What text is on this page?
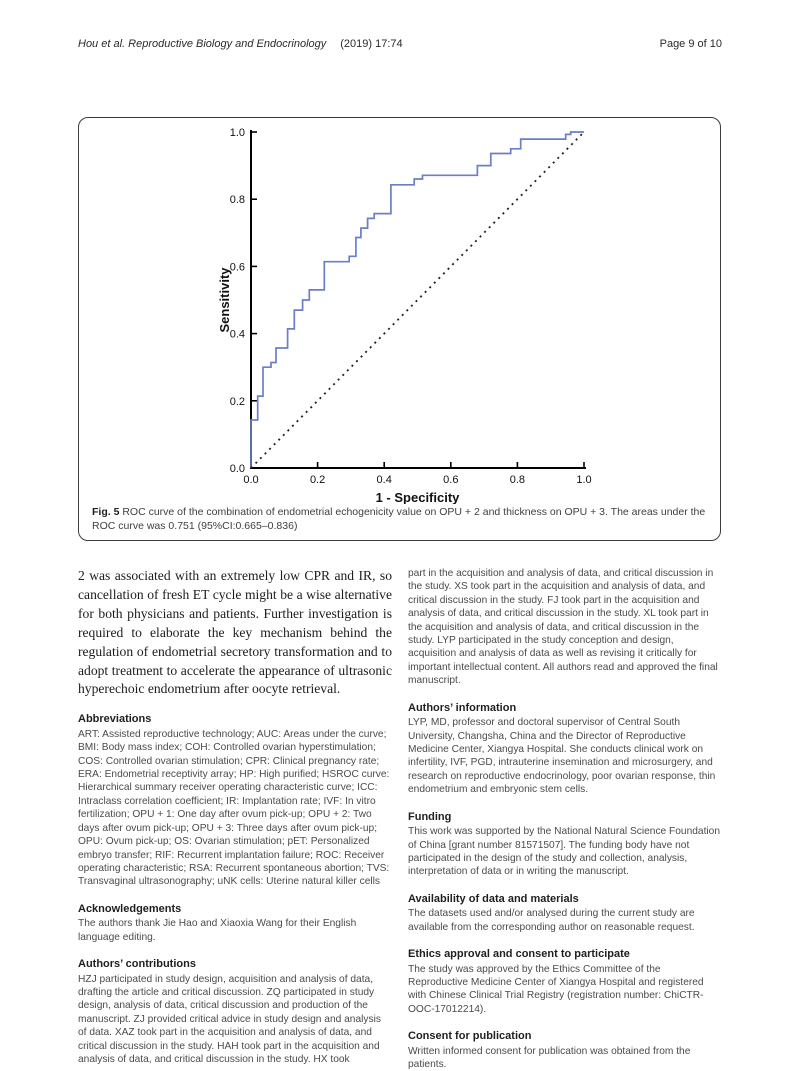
Hou et al. Reproductive Biology and Endocrinology (2019) 17:74	Page 9 of 10
0.0	0.2	0.4	0.6	0.8	1.0
0.0
0.2
0.4
0.6
0.8
1.0
1 - Specificity
Sensitivity
Fig. 5 ROC curve of the combination of endometrial echogenicity value on OPU + 2 and thickness on OPU + 3. The areas under the ROC curve was 0.751 (95%CI:0.665–0.836)

2 was associated with an extremely low CPR and IR, so cancellation of fresh ET cycle might be a wise alternative for both physicians and patients. Further investigation is required to elaborate the key mechanism behind the regulation of endometrial secretory transformation and to adopt treatment to accelerate the appearance of ultrasonic hyperechoic endometrium after oocyte retrieval.

Abbreviations

ART: Assisted reproductive technology; AUC: Areas under the curve; BMI: Body mass index; COH: Controlled ovarian hyperstimulation; COS: Controlled ovarian stimulation; CPR: Clinical pregnancy rate; ERA: Endometrial receptivity array; HP: High purified; HSROC curve: Hierarchical summary receiver operating characteristic curve; ICC: Intraclass correlation coefficient; IR: Implantation rate; IVF: In vitro fertilization; OPU + 1: One day after ovum pick-up; OPU + 2: Two days after ovum pick-up; OPU + 3: Three days after ovum pick-up; OPU: Ovum pick-up; OS: Ovarian stimulation; pET: Personalized embryo transfer; RIF: Recurrent implantation failure; ROC: Receiver operating characteristic; RSA: Recurrent spontaneous abortion; TVS: Transvaginal ultrasonography; uNK cells: Uterine natural killer cells

Acknowledgements

The authors thank Jie Hao and Xiaoxia Wang for their English language editing.

Authors’ contributions

HZJ participated in study design, acquisition and analysis of data, drafting the article and critical discussion. ZQ participated in study design, analysis of data, critical discussion and production of the manuscript. ZJ provided critical advice in study design and analysis of data. XAZ took part in the acquisition and analysis of data, and critical discussion in the study. HAH took part in the acquisition and analysis of data, and critical discussion in the study. HX took

part in the acquisition and analysis of data, and critical discussion in the study. XS took part in the acquisition and analysis of data, and critical discussion in the study. FJ took part in the acquisition and analysis of data, and critical discussion in the study. XL took part in the acquisition and analysis of data, and critical discussion in the study. LYP participated in the study conception and design, acquisition and analysis of data as well as revising it critically for important intellectual content. All authors read and approved the final manuscript.

Authors’ information

LYP, MD, professor and doctoral supervisor of Central South University, Changsha, China and the Director of Reproductive Medicine Center, Xiangya Hospital. She conducts clinical work on infertility, IVF, PGD, intrauterine insemination and microsurgery, and research on reproductive endocrinology, poor ovarian response, thin endometrium and embryonic stem cells.

Funding

This work was supported by the National Natural Science Foundation of China [grant number 81571507]. The funding body have not participated in the design of the study and collection, analysis, interpretation of data or in writing the manuscript.

Availability of data and materials

The datasets used and/or analysed during the current study are available from the corresponding author on reasonable request.

Ethics approval and consent to participate

The study was approved by the Ethics Committee of the Reproductive Medicine Center of Xiangya Hospital and registered with Chinese Clinical Trial Registry (registration number: ChiCTR-OOC-17012214).

Consent for publication

Written informed consent for publication was obtained from the patients.
